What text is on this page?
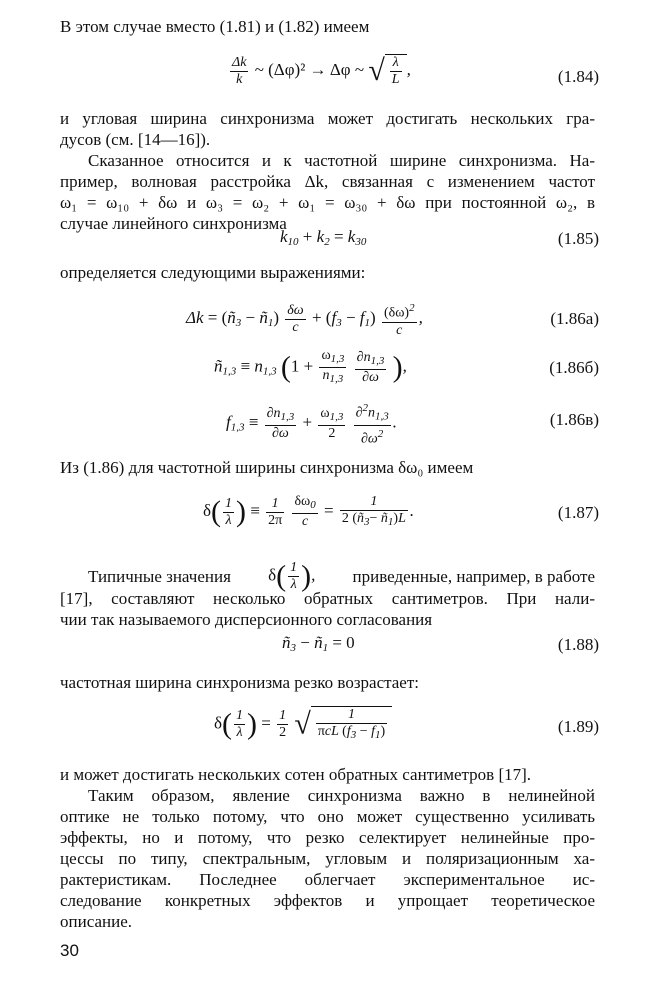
В этом случае вместо (1.81) и (1.82) имеем
$\frac{\Delta k}{k}$ ~ (Δφ)² → Δφ ~ √ $\frac{\lambda}{L}$ ,	(1.84)
и угловая ширина синхронизма может достигать нескольких гра-
дусов (см. [14—16]).
Сказанное относится и к частотной ширине синхронизма. На-
пример, волновая расстройка Δk, связанная с изменением частот
ω₁ = ω₁₀ + δω и ω₃ = ω₂ + ω₁ = ω₃₀ + δω при постоянной ω₂, в
случае линейного синхронизма
$k_{10} + k_2 = k_{30}$	(1.85)
определяется следующими выражениями:
$\Delta k = (ñ_3$ − $ñ_1) \frac{\delta\omega}{c} + (f_3 - f_1) \frac{(\delta\omega)^2}{c}$ ,	(1.86а)
$ñ_{1,3} \equiv n_{1,3}$ ($1 + \frac{\omega_{1,3}}{n_{1,3}}$
$\frac{\partial n_{1,3}}{\partial\omega}$ ),	(1.86б)
$f_{1,3} \equiv \frac{\partial n_{1,3}}{\partial\omega} + \frac{\omega_{1,3}}{2}$
$\frac{\partial^2n_{1,3}}{\partial\omega^2}$ .	(1.86в)
Из (1.86) для частотной ширины синхронизма δω₀ имеем
$\delta( \frac{1}{\lambda}$ ) ≡ $\frac{1}{2\pi}$
$\frac{\delta\omega_0}{c} = \frac{1}{2 (ñ_3- ñ_1)L}$ .	(1.87)
Типичные значения $\delta( \frac{1}{\lambda}$ ), приведенные, например, в работе
[17], составляют несколько обратных сантиметров. При нали-
чии так называемого дисперсионного согласования
$ñ_3$ − $ñ_1 = 0$	(1.88)
частотная ширина синхронизма резко возрастает:
$\delta( \frac{1}{\lambda}$ ) = $\frac{1}{2}$ √ $\frac{1}{\pi cL (f_3 - f_1)}$	(1.89)
и может достигать нескольких сотен обратных сантиметров [17].
Таким образом, явление синхронизма важно в нелинейной
оптике не только потому, что оно может существенно усиливать
эффекты, но и потому, что резко селектирует нелинейные про-
цессы по типу, спектральным, угловым и поляризационным ха-
рактеристикам. Последнее облегчает экспериментальное ис-
следование конкретных эффектов и упрощает теоретическое
описание.
30
